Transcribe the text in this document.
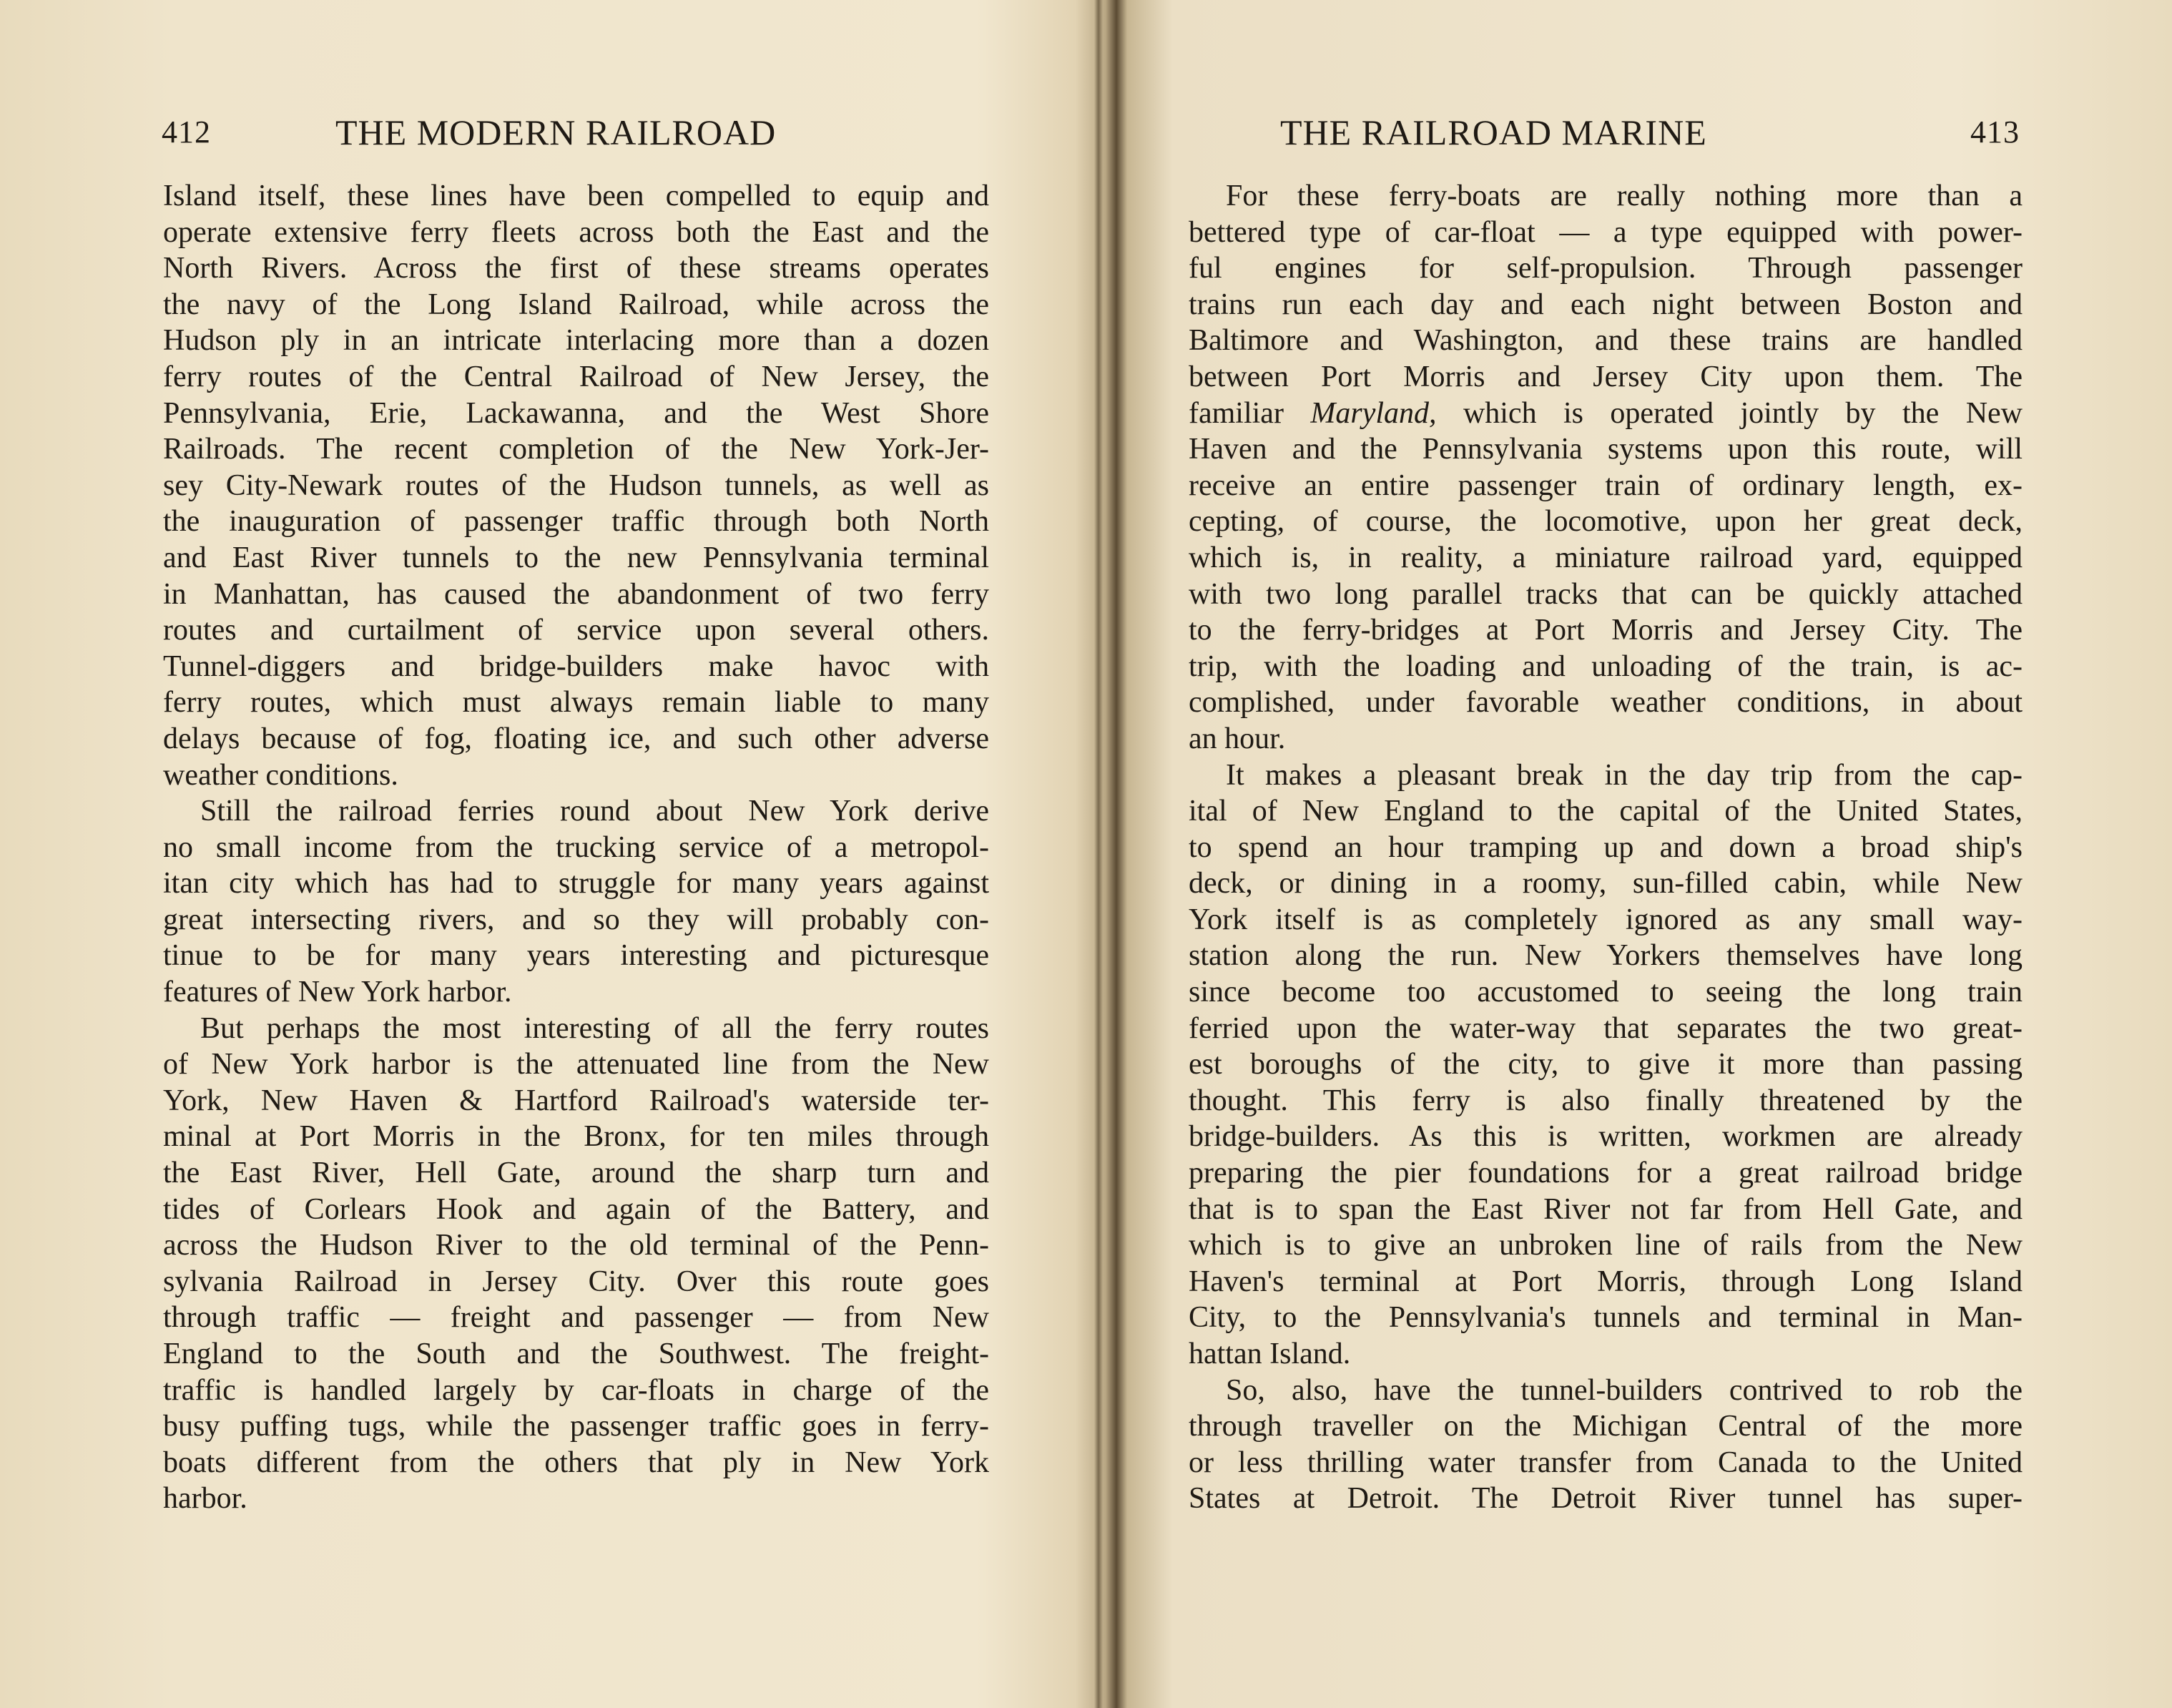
412	THE MODERN RAILROAD
Island itself, these lines have been compelled to equip and
operate extensive ferry fleets across both the East and the
North Rivers. Across the first of these streams operates
the navy of the Long Island Railroad, while across the
Hudson ply in an intricate interlacing more than a dozen
ferry routes of the Central Railroad of New Jersey, the
Pennsylvania, Erie, Lackawanna, and the West Shore
Railroads. The recent completion of the New York-Jer-
sey City-Newark routes of the Hudson tunnels, as well as
the inauguration of passenger traffic through both North
and East River tunnels to the new Pennsylvania terminal
in Manhattan, has caused the abandonment of two ferry
routes and curtailment of service upon several others.
Tunnel-diggers and bridge-builders make havoc with
ferry routes, which must always remain liable to many
delays because of fog, floating ice, and such other adverse
weather conditions.
Still the railroad ferries round about New York derive
no small income from the trucking service of a metropol-
itan city which has had to struggle for many years against
great intersecting rivers, and so they will probably con-
tinue to be for many years interesting and picturesque
features of New York harbor.
But perhaps the most interesting of all the ferry routes
of New York harbor is the attenuated line from the New
York, New Haven & Hartford Railroad's waterside ter-
minal at Port Morris in the Bronx, for ten miles through
the East River, Hell Gate, around the sharp turn and
tides of Corlears Hook and again of the Battery, and
across the Hudson River to the old terminal of the Penn-
sylvania Railroad in Jersey City. Over this route goes
through traffic — freight and passenger — from New
England to the South and the Southwest. The freight-
traffic is handled largely by car-floats in charge of the
busy puffing tugs, while the passenger traffic goes in ferry-
boats different from the others that ply in New York
harbor.
THE RAILROAD MARINE	413
For these ferry-boats are really nothing more than a
bettered type of car-float — a type equipped with power-
ful engines for self-propulsion. Through passenger
trains run each day and each night between Boston and
Baltimore and Washington, and these trains are handled
between Port Morris and Jersey City upon them. The
familiar Maryland, which is operated jointly by the New
Haven and the Pennsylvania systems upon this route, will
receive an entire passenger train of ordinary length, ex-
cepting, of course, the locomotive, upon her great deck,
which is, in reality, a miniature railroad yard, equipped
with two long parallel tracks that can be quickly attached
to the ferry-bridges at Port Morris and Jersey City. The
trip, with the loading and unloading of the train, is ac-
complished, under favorable weather conditions, in about
an hour.
It makes a pleasant break in the day trip from the cap-
ital of New England to the capital of the United States,
to spend an hour tramping up and down a broad ship's
deck, or dining in a roomy, sun-filled cabin, while New
York itself is as completely ignored as any small way-
station along the run. New Yorkers themselves have long
since become too accustomed to seeing the long train
ferried upon the water-way that separates the two great-
est boroughs of the city, to give it more than passing
thought. This ferry is also finally threatened by the
bridge-builders. As this is written, workmen are already
preparing the pier foundations for a great railroad bridge
that is to span the East River not far from Hell Gate, and
which is to give an unbroken line of rails from the New
Haven's terminal at Port Morris, through Long Island
City, to the Pennsylvania's tunnels and terminal in Man-
hattan Island.
So, also, have the tunnel-builders contrived to rob the
through traveller on the Michigan Central of the more
or less thrilling water transfer from Canada to the United
States at Detroit. The Detroit River tunnel has super-
